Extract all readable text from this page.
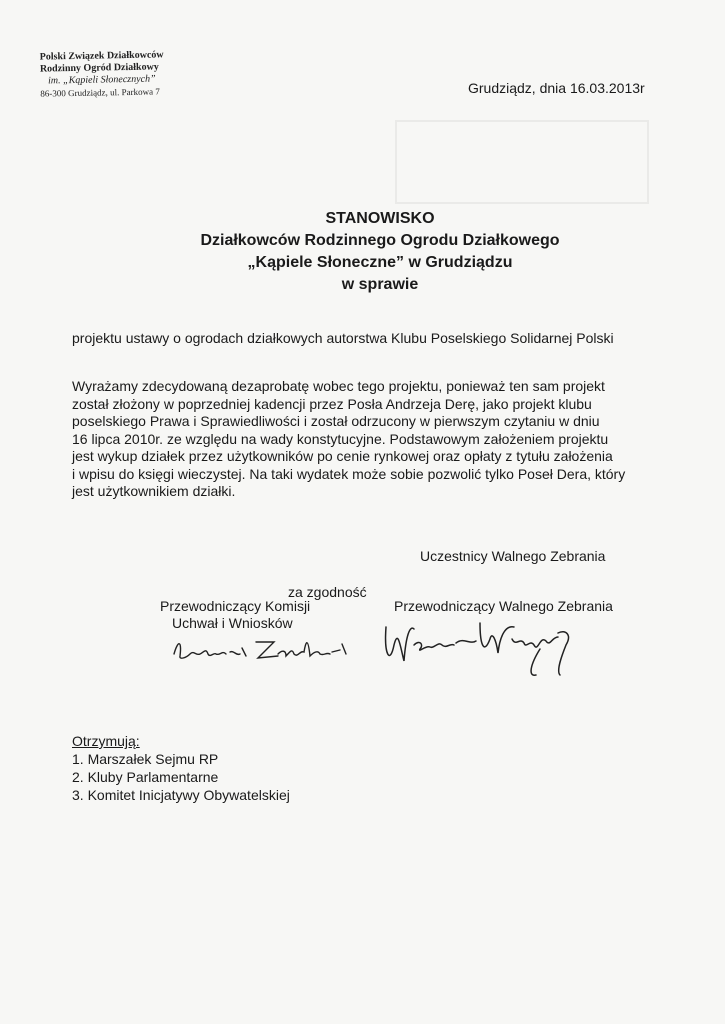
Polski Związek Działkowców
Rodzinny Ogród Działkowy
im. „Kąpieli Słonecznych”
86-300 Grudziądz, ul. Parkowa 7	Grudziądz, dnia 16.03.2013r
STANOWISKO
Działkowców Rodzinnego Ogrodu Działkowego
„Kąpiele Słoneczne” w Grudziądzu
w sprawie
projektu ustawy o ogrodach działkowych autorstwa Klubu Poselskiego Solidarnej Polski
Wyrażamy zdecydowaną dezaprobatę wobec tego projektu, ponieważ ten sam projekt
został złożony w poprzedniej kadencji przez Posła Andrzeja Derę, jako projekt klubu
poselskiego Prawa i Sprawiedliwości i został odrzucony w pierwszym czytaniu w dniu
16 lipca 2010r. ze względu na wady konstytucyjne. Podstawowym założeniem projektu
jest wykup działek przez użytkowników po cenie rynkowej oraz opłaty z tytułu założenia
i wpisu do księgi wieczystej. Na taki wydatek może sobie pozwolić tylko Poseł Dera, który
jest użytkownikiem działki.
Uczestnicy Walnego Zebrania
za zgodność
Przewodniczący Komisji
Uchwał i Wniosków
Przewodniczący Walnego Zebrania
Otrzymują:
1. Marszałek Sejmu RP
2. Kluby Parlamentarne
3. Komitet Inicjatywy Obywatelskiej
